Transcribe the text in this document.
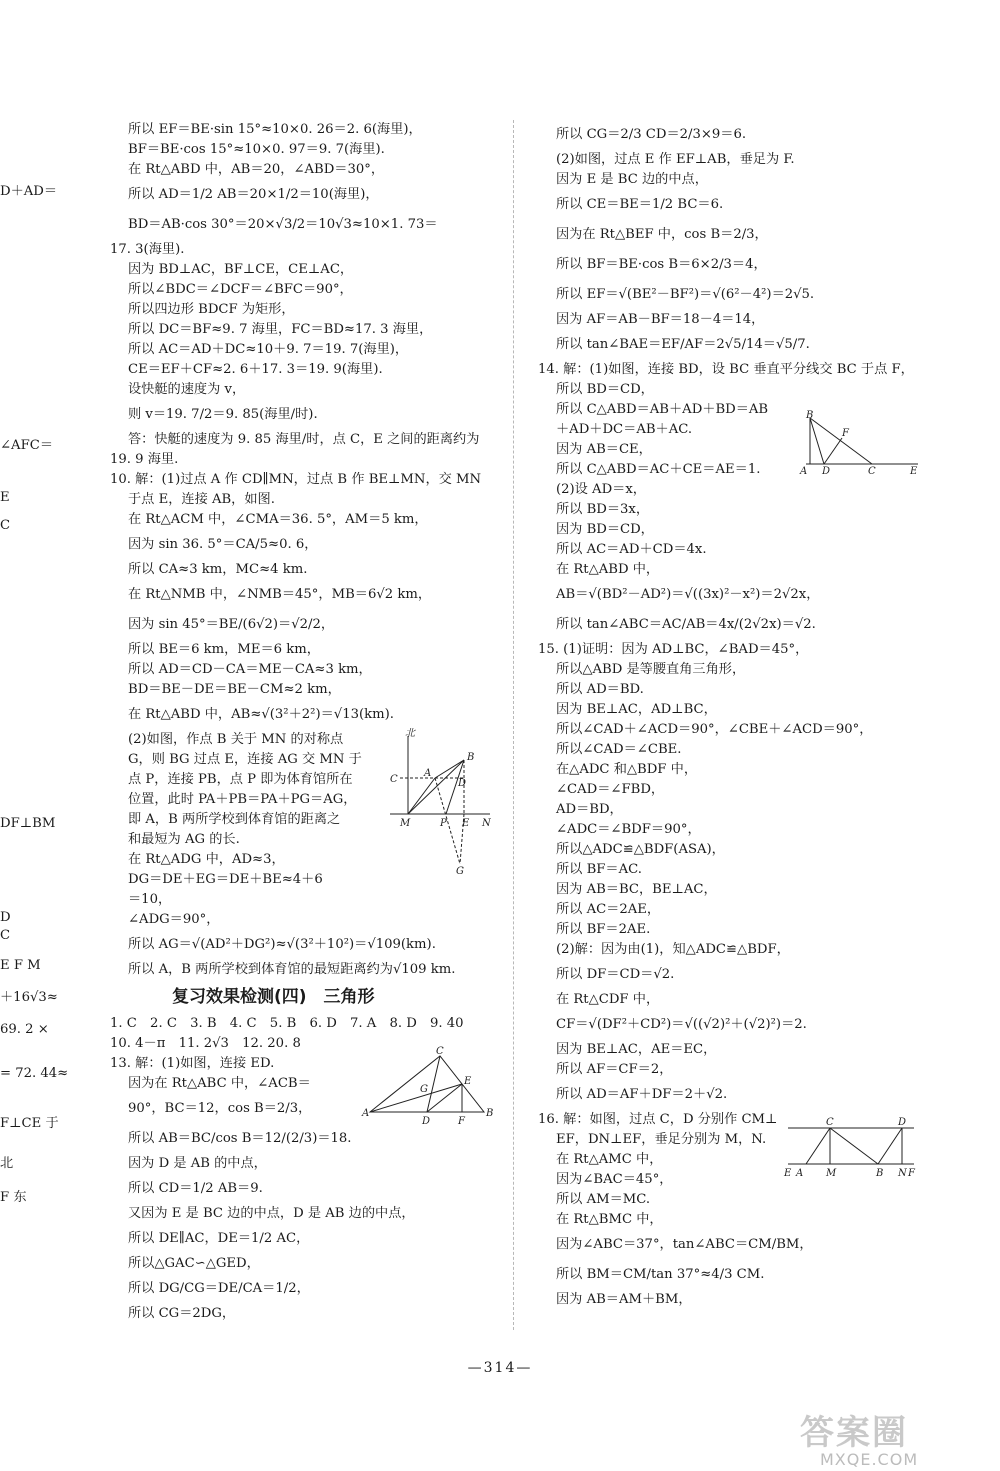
D＋AD＝
∠AFC＝
E
C
DF⊥BM
D
C
E F M
＋16√3≈
69. 2 ×
= 72. 44≈
F⊥CE 于
北
F 东
所以 EF＝BE·sin 15°≈10×0. 26＝2. 6(海里)，
BF＝BE·cos 15°≈10×0. 97＝9. 7(海里).
在 Rt△ABD 中，AB＝20，∠ABD＝30°，
所以 AD＝1/2 AB＝20×1/2＝10(海里)，
BD＝AB·cos 30°＝20×√3/2＝10√3≈10×1. 73＝
17. 3(海里).
因为 BD⊥AC，BF⊥CE，CE⊥AC，
所以∠BDC＝∠DCF＝∠BFC＝90°，
所以四边形 BDCF 为矩形，
所以 DC＝BF≈9. 7 海里，FC＝BD≈17. 3 海里，
所以 AC＝AD＋DC≈10＋9. 7＝19. 7(海里)，
CE＝EF＋CF≈2. 6＋17. 3＝19. 9(海里).
设快艇的速度为 v，
则 v＝19. 7/2＝9. 85(海里/时).
答：快艇的速度为 9. 85 海里/时，点 C，E 之间的距离约为
19. 9 海里.
10. 解：(1)过点 A 作 CD∥MN，过点 B 作 BE⊥MN，交 MN
于点 E，连接 AB，如图.
在 Rt△ACM 中，∠CMA＝36. 5°，AM＝5 km，
因为 sin 36. 5°＝CA/5≈0. 6，
所以 CA≈3 km，MC≈4 km.
在 Rt△NMB 中，∠NMB＝45°，MB＝6√2 km，
因为 sin 45°＝BE/(6√2)＝√2/2，
所以 BE＝6 km，ME＝6 km，
所以 AD＝CD－CA＝ME－CA≈3 km，
BD＝BE－DE＝BE－CM≈2 km，
在 Rt△ABD 中，AB≈√(3²＋2²)＝√13(km).
(2)如图，作点 B 关于 MN 的对称点
G，则 BG 过点 E，连接 AG 交 MN 于
点 P，连接 PB，点 P 即为体育馆所在
位置，此时 PA＋PB＝PA＋PG＝AG，
即 A，B 两所学校到体育馆的距离之
和最短为 AG 的长.
在 Rt△ADG 中，AD≈3，
DG＝DE＋EG＝DE＋BE≈4＋6
＝10，
∠ADG＝90°，
所以 AG＝√(AD²＋DG²)≈√(3²＋10²)＝√109(km).
所以 A，B 两所学校到体育馆的最短距离约为√109 km.
复习效果检测(四)　三角形
1. C　2. C　3. B　4. C　5. B　6. D　7. A　8. D　9. 40
10. 4－π　11. 2√3　12. 20. 8
13. 解：(1)如图，连接 ED.
因为在 Rt△ABC 中，∠ACB＝
90°，BC＝12，cos B＝2/3，
所以 AB＝BC/cos B＝12/(2/3)＝18.
因为 D 是 AB 的中点，
所以 CD＝1/2 AB＝9.
又因为 E 是 BC 边的中点，D 是 AB 边的中点，
所以 DE∥AC，DE＝1/2 AC，
所以△GAC∽△GED，
所以 DG/CG＝DE/CA＝1/2，
所以 CG＝2DG，
所以 CG＝2/3 CD＝2/3×9＝6.
(2)如图，过点 E 作 EF⊥AB，垂足为 F.
因为 E 是 BC 边的中点，
所以 CE＝BE＝1/2 BC＝6.
因为在 Rt△BEF 中，cos B＝2/3，
所以 BF＝BE·cos B＝6×2/3＝4，
所以 EF＝√(BE²－BF²)＝√(6²－4²)＝2√5.
因为 AF＝AB－BF＝18－4＝14，
所以 tan∠BAE＝EF/AF＝2√5/14＝√5/7.
14. 解：(1)如图，连接 BD，设 BC 垂直平分线交 BC 于点 F，
所以 BD＝CD，
所以 C△ABD＝AB＋AD＋BD＝AB
＋AD＋DC＝AB＋AC.
因为 AB＝CE，
所以 C△ABD＝AC＋CE＝AE＝1.
(2)设 AD＝x，
所以 BD＝3x，
因为 BD＝CD，
所以 AC＝AD＋CD＝4x.
在 Rt△ABD 中，
AB＝√(BD²－AD²)＝√((3x)²－x²)＝2√2x，
所以 tan∠ABC＝AC/AB＝4x/(2√2x)＝√2.
15. (1)证明：因为 AD⊥BC，∠BAD＝45°，
所以△ABD 是等腰直角三角形，
所以 AD＝BD.
因为 BE⊥AC，AD⊥BC，
所以∠CAD＋∠ACD＝90°，∠CBE＋∠ACD＝90°，
所以∠CAD＝∠CBE.
在△ADC 和△BDF 中，
∠CAD＝∠FBD，
AD＝BD，
∠ADC＝∠BDF＝90°，
所以△ADC≌△BDF(ASA)，
所以 BF＝AC.
因为 AB＝BC，BE⊥AC，
所以 AC＝2AE，
所以 BF＝2AE.
(2)解：因为由(1)，知△ADC≌△BDF，
所以 DF＝CD＝√2.
在 Rt△CDF 中，
CF＝√(DF²＋CD²)＝√((√2)²＋(√2)²)＝2.
因为 BE⊥AC，AE＝EC，
所以 AF＝CF＝2，
所以 AD＝AF＋DF＝2＋√2.
16. 解：如图，过点 C，D 分别作 CM⊥
EF，DN⊥EF，垂足分别为 M，N.
在 Rt△AMC 中，
因为∠BAC＝45°，
所以 AM＝MC.
在 Rt△BMC 中，
因为∠ABC＝37°，tan∠ABC＝CM/BM，
所以 BM＝CM/tan 37°≈4/3 CM.
因为 AB＝AM＋BM，
北
B
C
A
D
M	P E N
G
C
E
G
A
D	F
B
B
F
A D	C	E
C	D
E A M	B N F
—314—
答案圈
MXQE.COM
